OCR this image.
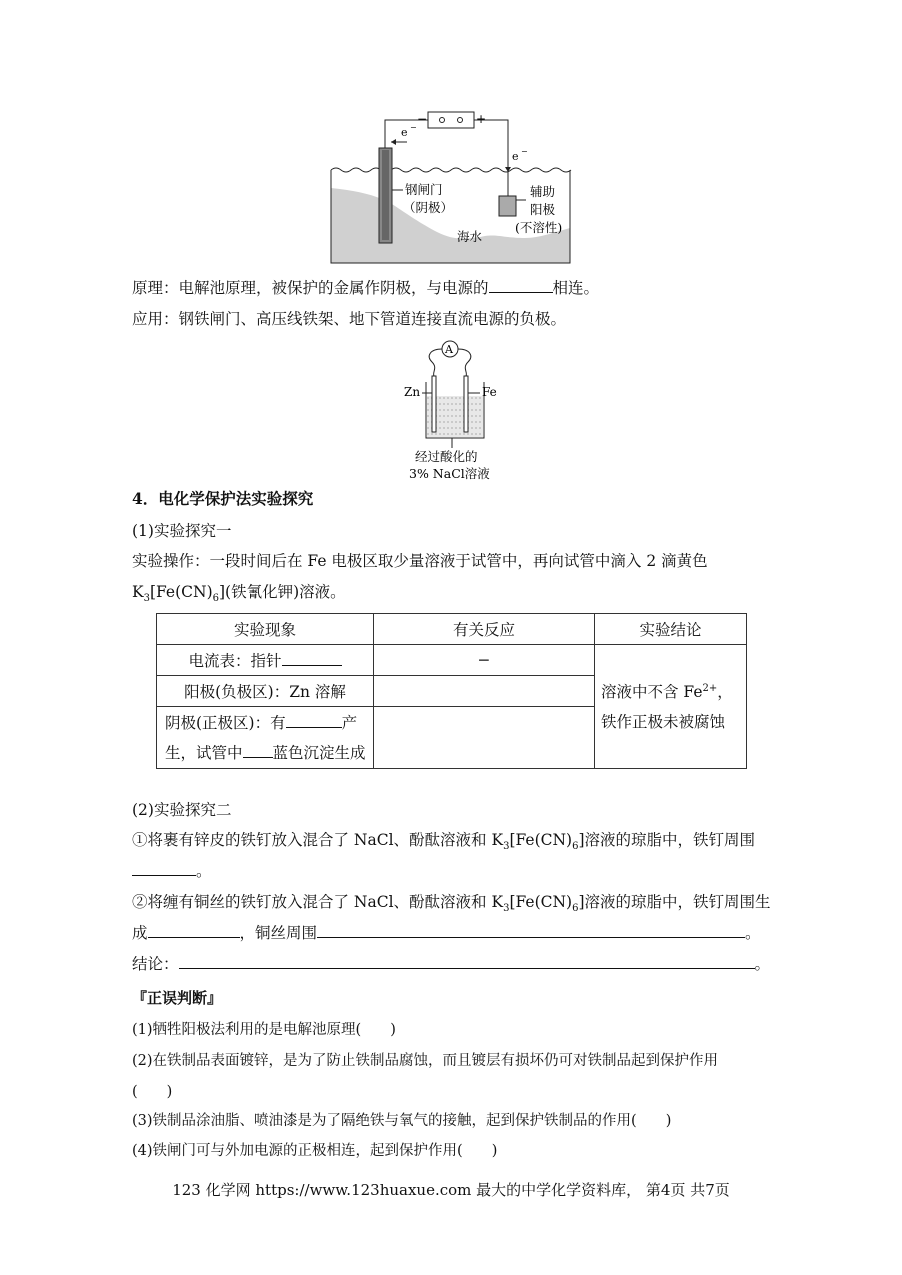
−	+
e −
e −
钢闸门
（阴极）
辅助
阳极
(不溶性)
海水
原理：电解池原理，被保护的金属作阴极，与电源的	相连。
应用：钢铁闸门、高压线铁架、地下管道连接直流电源的负极。
A
Zn	Fe
经过酸化的
3% NaCl溶液
4．电化学保护法实验探究
(1)实验探究一
实验操作：一段时间后在 Fe 电极区取少量溶液于试管中，再向试管中滴入 2 滴黄色
$K_3[Fe(CN)_6]$(铁氰化钾)溶液。
实验现象	有关反应	实验结论
电流表：指针	−	溶液中不含 $Fe^{2+}$，
铁作正极未被腐蚀
阳极(负极区)：Zn 溶解		
阴极(正极区)：有 产
生，试管中 蓝色沉淀生成		
(2)实验探究二
①将裹有锌皮的铁钉放入混合了 NaCl、酚酞溶液和 $K_3[Fe(CN)_6]$溶液的琼脂中，铁钉周围
。
②将缠有铜丝的铁钉放入混合了 NaCl、酚酞溶液和 $K_3[Fe(CN)_6]$溶液的琼脂中，铁钉周围生
成	，铜丝周围	。
结论：	。
『正误判断』
(1)牺牲阳极法利用的是电解池原理(　　)
(2)在铁制品表面镀锌，是为了防止铁制品腐蚀，而且镀层有损坏仍可对铁制品起到保护作用
(　　)
(3)铁制品涂油脂、喷油漆是为了隔绝铁与氧气的接触，起到保护铁制品的作用(　　)
(4)铁闸门可与外加电源的正极相连，起到保护作用(　　)
123 化学网 https://www.123huaxue.com 最大的中学化学资料库， 第4页 共7页
